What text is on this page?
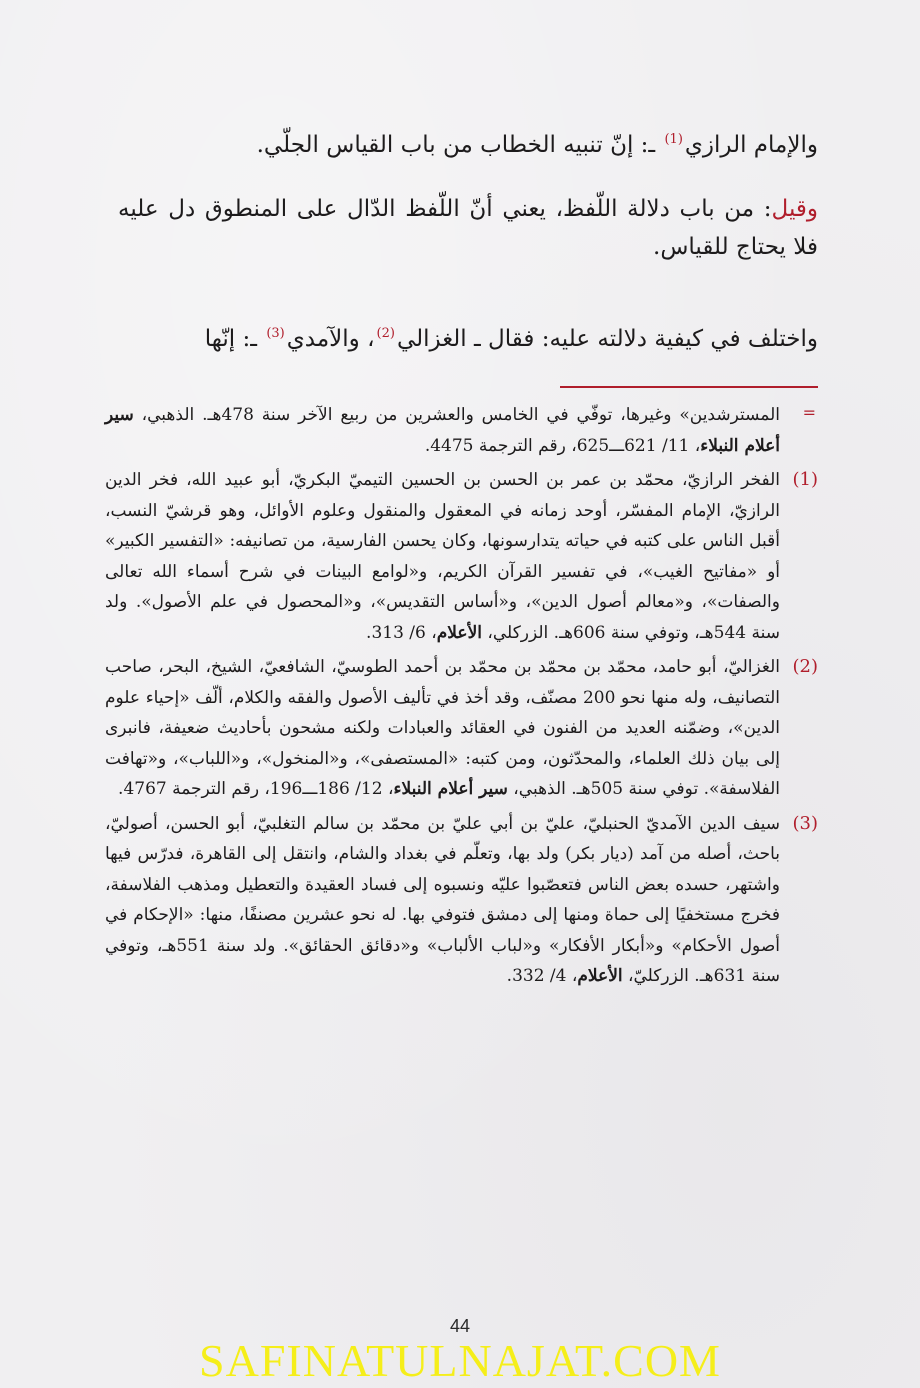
والإمام الرازي$^{(1)}$ ـ: إنّ تنبيه الخطاب من باب القياس الجلّي.

وقيل: من باب دلالة اللّفظ، يعني أنّ اللّفظ الدّال على المنطوق دل عليه فلا يحتاج للقياس.

واختلف في كيفية دلالته عليه: فقال ـ الغزالي$^{(2)}$، والآمدي$^{(3)}$ ـ: إنّها

=
المسترشدين» وغيرها، توفّي في الخامس والعشرين من ربيع الآخر سنة 478هـ. الذهبي، سير أعلام النبلاء، 11/ 621ـــ625، رقم الترجمة 4475.

(1)
الفخر الرازيّ، محمّد بن عمر بن الحسن بن الحسين التيميّ البكريّ، أبو عبيد الله، فخر الدين الرازيّ، الإمام المفسّر، أوحد زمانه في المعقول والمنقول وعلوم الأوائل، وهو قرشيّ النسب، أقبل الناس على كتبه في حياته يتدارسونها، وكان يحسن الفارسية، من تصانيفه: «التفسير الكبير» أو «مفاتيح الغيب»، في تفسير القرآن الكريم، و«لوامع البينات في شرح أسماء الله تعالى والصفات»، و«معالم أصول الدين»، و«أساس التقديس»، و«المحصول في علم الأصول». ولد سنة 544هـ، وتوفي سنة 606هـ. الزركلي، الأعلام، 6/ 313.

(2)
الغزاليّ، أبو حامد، محمّد بن محمّد بن محمّد بن أحمد الطوسيّ، الشافعيّ، الشيخ، البحر، صاحب التصانيف، وله منها نحو 200 مصنّف، وقد أخذ في تأليف الأصول والفقه والكلام، ألّف «إحياء علوم الدين»، وضمّنه العديد من الفنون في العقائد والعبادات ولكنه مشحون بأحاديث ضعيفة، فانبرى إلى بيان ذلك العلماء، والمحدّثون، ومن كتبه: «المستصفى»، و«المنخول»، و«اللباب»، و«تهافت الفلاسفة». توفي سنة 505هـ. الذهبي، سير أعلام النبلاء، 12/ 186ـــ196، رقم الترجمة 4767.

(3)
سيف الدين الآمديّ الحنبليّ، عليّ بن أبي عليّ بن محمّد بن سالم التغلبيّ، أبو الحسن، أصوليّ، باحث، أصله من آمد (ديار بكر) ولد بها، وتعلّم في بغداد والشام، وانتقل إلى القاهرة، فدرّس فيها واشتهر، حسده بعض الناس فتعصّبوا عليّه ونسبوه إلى فساد العقيدة والتعطيل ومذهب الفلاسفة، فخرج مستخفيًا إلى حماة ومنها إلى دمشق فتوفي بها. له نحو عشرين مصنفًا، منها: «الإحكام في أصول الأحكام» و«أبكار الأفكار» و«لباب الألباب» و«دقائق الحقائق». ولد سنة 551هـ، وتوفي سنة 631هـ. الزركليّ، الأعلام، 4/ 332.

44
SAFINATULNAJAT.COM
